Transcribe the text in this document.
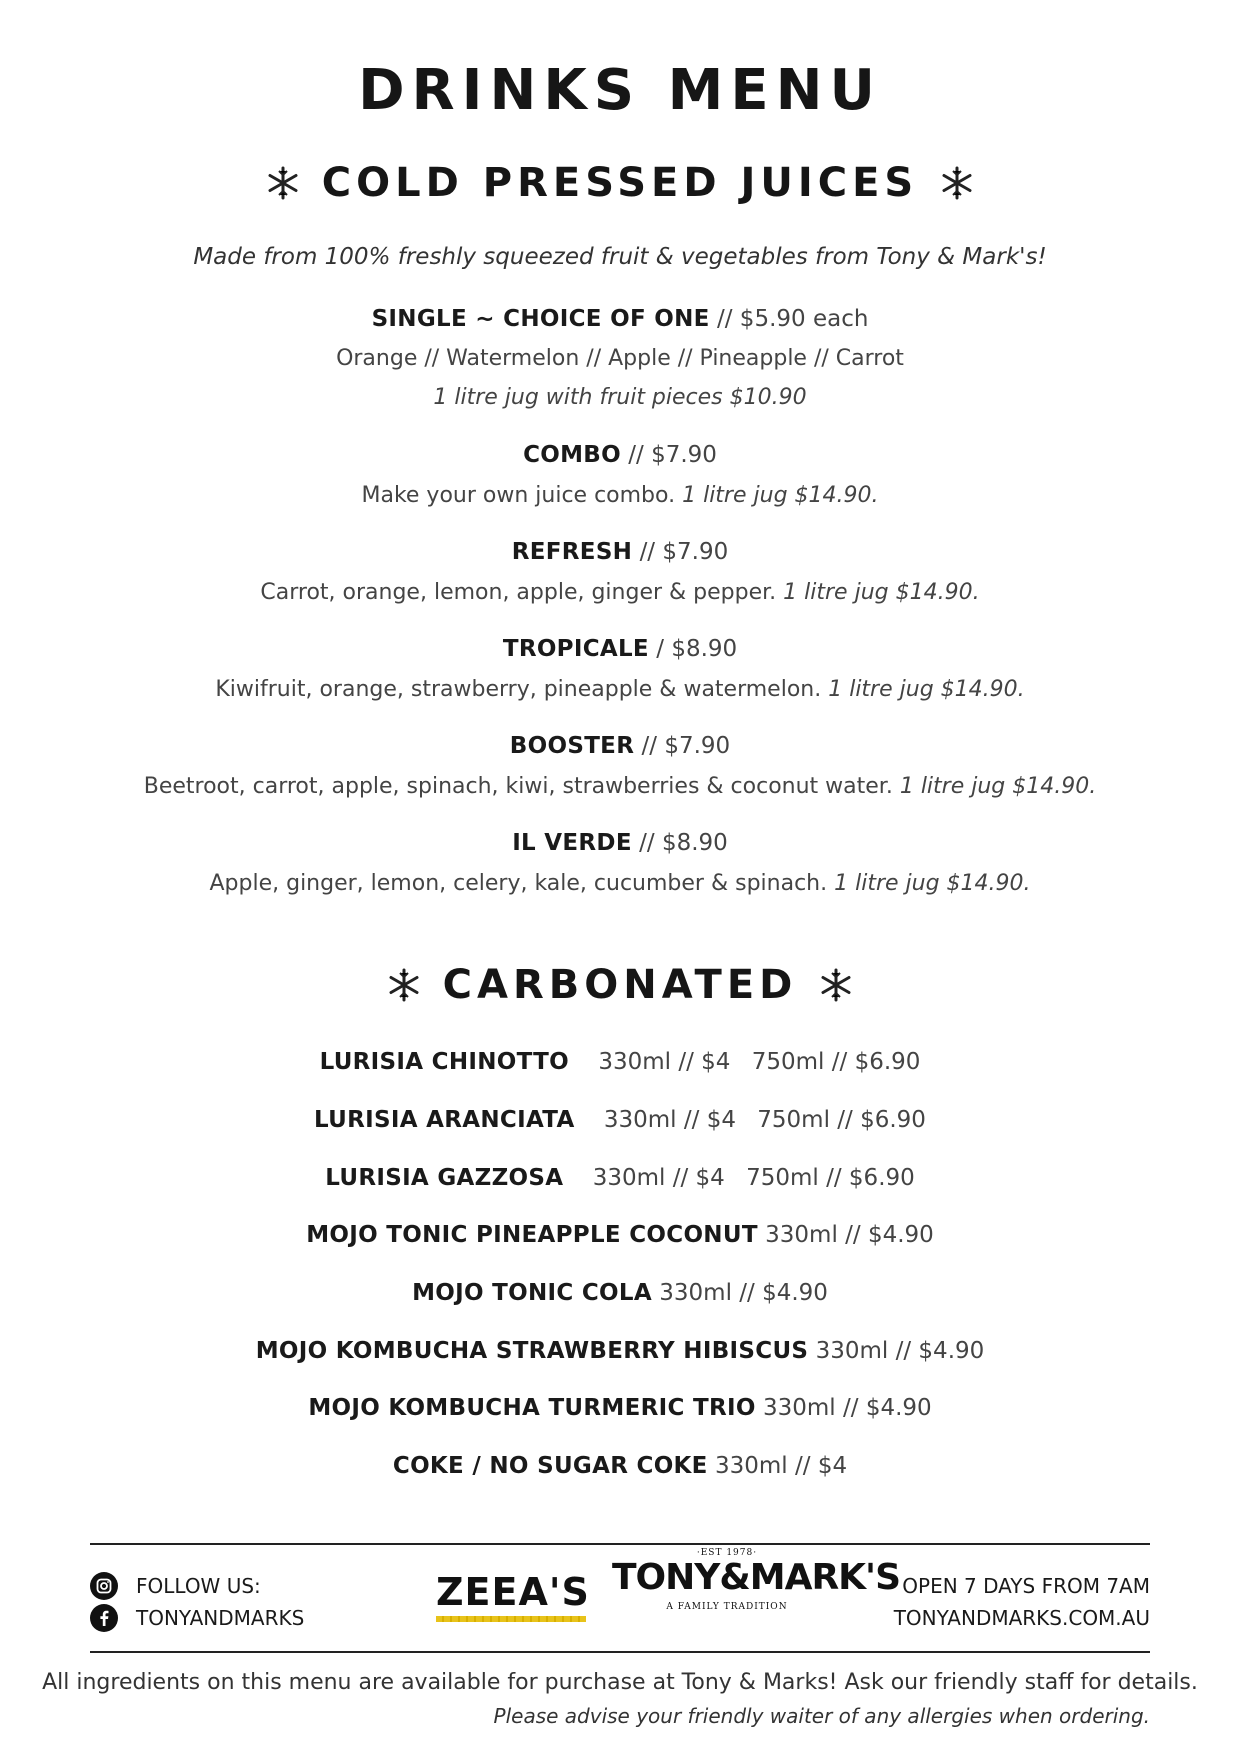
DRINKS MENU
COLD PRESSED JUICES
Made from 100% freshly squeezed fruit & vegetables from Tony & Mark's!
SINGLE ~ CHOICE OF ONE // $5.90 each
Orange // Watermelon // Apple // Pineapple // Carrot
1 litre jug with fruit pieces $10.90
COMBO // $7.90
Make your own juice combo. 1 litre jug $14.90.
REFRESH // $7.90
Carrot, orange, lemon, apple, ginger & pepper. 1 litre jug $14.90.
TROPICALE / $8.90
Kiwifruit, orange, strawberry, pineapple & watermelon. 1 litre jug $14.90.
BOOSTER // $7.90
Beetroot, carrot, apple, spinach, kiwi, strawberries & coconut water. 1 litre jug $14.90.
IL VERDE // $8.90
Apple, ginger, lemon, celery, kale, cucumber & spinach. 1 litre jug $14.90.
CARBONATED
LURISIA CHINOTTO 330ml // $4 750ml // $6.90
LURISIA ARANCIATA 330ml // $4 750ml // $6.90
LURISIA GAZZOSA 330ml // $4 750ml // $6.90
MOJO TONIC PINEAPPLE COCONUT 330ml // $4.90
MOJO TONIC COLA 330ml // $4.90
MOJO KOMBUCHA STRAWBERRY HIBISCUS 330ml // $4.90
MOJO KOMBUCHA TURMERIC TRIO 330ml // $4.90
COKE / NO SUGAR COKE 330ml // $4
FOLLOW US:
TONYANDMARKS
ZEEA'S
·EST 1978·
TONY&MARK'S
A FAMILY TRADITION
OPEN 7 DAYS FROM 7AM
TONYANDMARKS.COM.AU
All ingredients on this menu are available for purchase at Tony & Marks! Ask our friendly staff for details.
Please advise your friendly waiter of any allergies when ordering.
